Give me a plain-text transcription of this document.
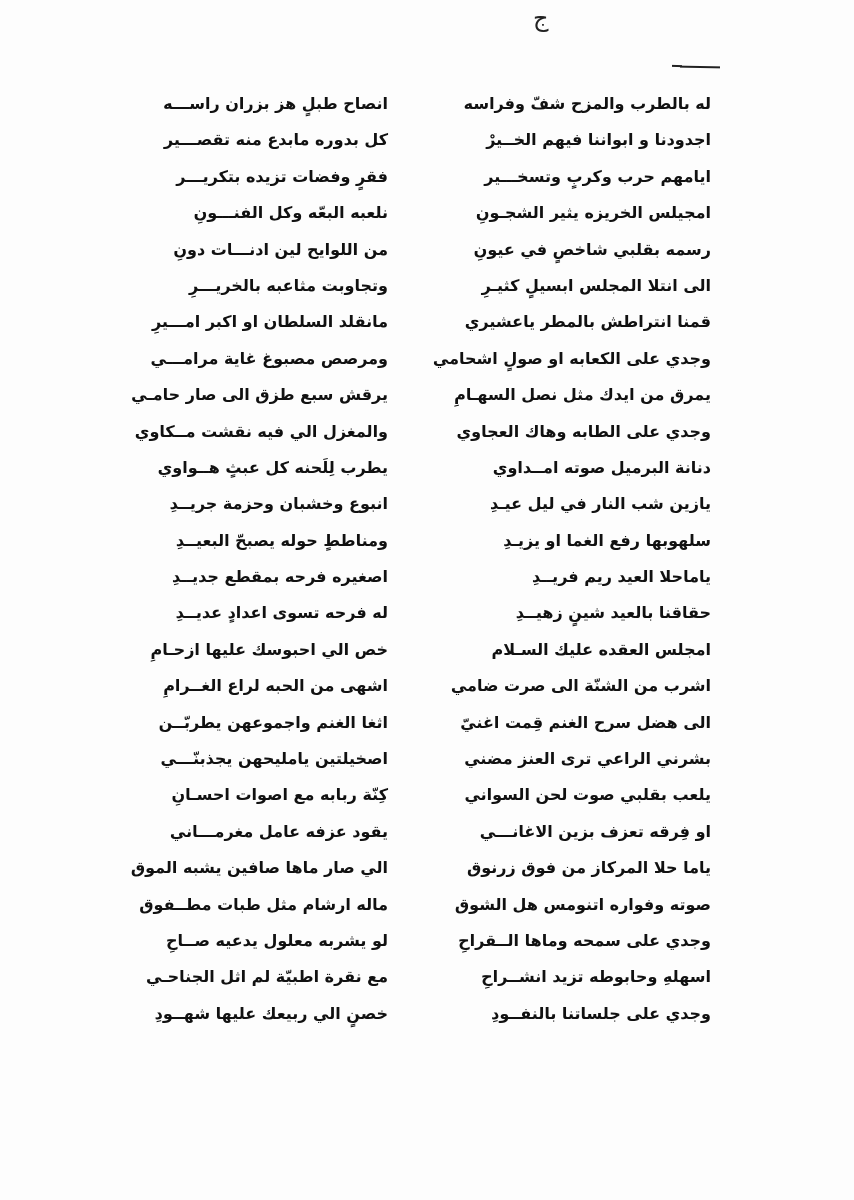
ج
له بالطرب والمزح شفّ وفراسه
اجدودنا و ابواننا فيهم الخــيرْ
ايامهم حرب وكربٍ وتسخـــير
امجيلس الخريزه يثير الشجـونِ
رسمه بقلبي شاخصٍ في عيونِ
الى انتلا المجلس ابسيلٍ كثيـرِ
قمنا انتراطش بالمطر ياعشيري
وجدي على الكعابه او صولٍ اشحامي
يمرق من ايدك مثل نصل السهـامِ
وجدي على الطابه وهاك العجاوي
دنانة البرميل صوته امــداوي
يازين شب النار في ليل عيـدِ
سلهوبها رفع الغما او يزيـدِ
ياماحلا العيد ريم فريــدِ
حقاقنا بالعيد شينٍ زهيــدِ
امجلس العقده عليك السـلام
اشرب من الشنّة الى صرت ضامي
الى هضل سرح الغنم قِمت اغنيّ
بشرني الراعي ترى العنز مضني
يلعب بقلبي صوت لحن السواني
او فِرقه تعزف بزين الاغانـــي
ياما حلا المركاز من فوق زرنوق
صوته وفواره اتنومس هل الشوق
وجدي على سمحه وماها الــقراحِ
اسهلهِ وحابوطه تزيد انشــراحِ
وجدي على جلساتنا بالنفــودِ
انصاح طبلٍ هز بزران راســـه
كل بدوره مابدع منه تقصـــير
فقرٍ وفضات تزيده بتكريـــر
نلعبه البعّه وكل الفنـــونِ
من اللوايح لين ادنـــات دونِ
وتجاوبت مثاعبه بالخريـــرِ
مانقلد السلطان او اكبر امـــيرِ
ومرصص مصبوغ غاية مرامـــي
يرقش سبع طزق الى صار حامـي
والمغزل الي فيه نقشت مــكاوي
يطرب لِلَحنه كل عبثٍ هــواوي
انبوع وخشبان وحزمة جريــدِ
ومناططٍ حوله يصبحّ البعيــدِ
اصغيره فرحه بمقطع جديــدِ
له فرحه تسوى اعدادٍ عديــدِ
خص الي احبوسك عليها ازحـامِ
اشهى من الحبه لراع الغــرامِ
اثغا الغنم واجموعهن يطربّــن
اصخيلتين يامليحهن يجذبنّـــي
كِنّة ربابه مع اصوات احسـانِ
يقود عزفه عامل مغرمـــاني
الي صار ماها صافين يشبه الموق
ماله ارشام مثل طبات مطــفوق
لو يشربه معلول يدعيه صــاحِ
مع نقرة اطبيّة لم اثل الجناحـي
خصنٍ الي ربيعك عليها شهــودِ
